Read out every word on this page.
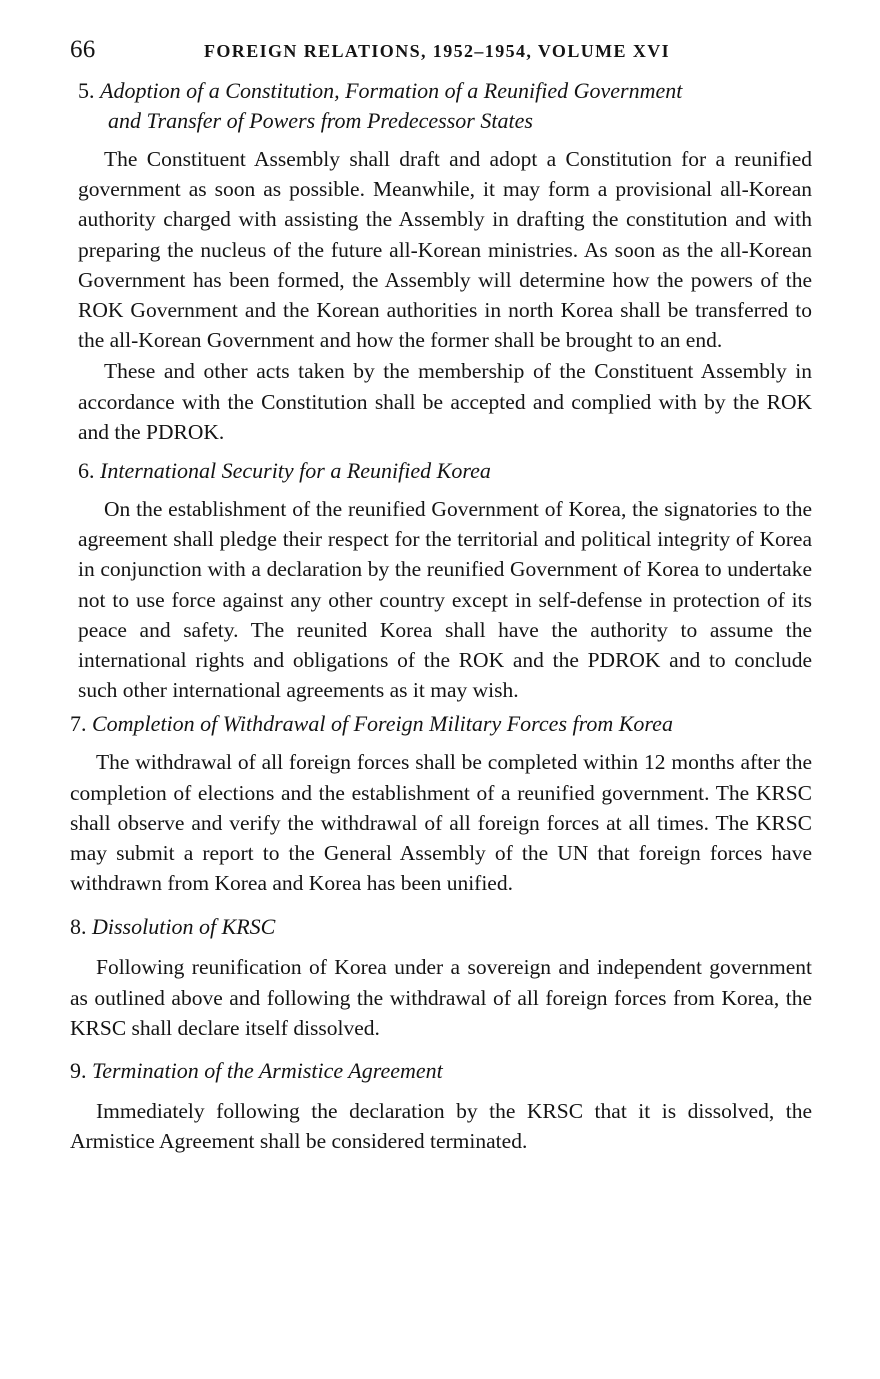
66	FOREIGN RELATIONS, 1952–1954, VOLUME XVI
5. Adoption of a Constitution, Formation of a Reunified Government
and Transfer of Powers from Predecessor States

The Constituent Assembly shall draft and adopt a Constitution for a reunified government as soon as possible. Meanwhile, it may form a provisional all-Korean authority charged with assisting the Assembly in drafting the constitution and with preparing the nucleus of the future all-Korean ministries. As soon as the all-Korean Government has been formed, the Assembly will determine how the powers of the ROK Government and the Korean authorities in north Korea shall be transferred to the all-Korean Government and how the former shall be brought to an end.

These and other acts taken by the membership of the Constituent Assembly in accordance with the Constitution shall be accepted and complied with by the ROK and the PDROK.

6. International Security for a Reunified Korea

On the establishment of the reunified Government of Korea, the signatories to the agreement shall pledge their respect for the territorial and political integrity of Korea in conjunction with a declaration by the reunified Government of Korea to undertake not to use force against any other country except in self-defense in protection of its peace and safety. The reunited Korea shall have the authority to assume the international rights and obligations of the ROK and the PDROK and to conclude such other international agreements as it may wish.

7. Completion of Withdrawal of Foreign Military Forces from Korea

The withdrawal of all foreign forces shall be completed within 12 months after the completion of elections and the establishment of a reunified government. The KRSC shall observe and verify the withdrawal of all foreign forces at all times. The KRSC may submit a report to the General Assembly of the UN that foreign forces have withdrawn from Korea and Korea has been unified.

8. Dissolution of KRSC

Following reunification of Korea under a sovereign and independent government as outlined above and following the withdrawal of all foreign forces from Korea, the KRSC shall declare itself dissolved.

9. Termination of the Armistice Agreement

Immediately following the declaration by the KRSC that it is dissolved, the Armistice Agreement shall be considered terminated.
